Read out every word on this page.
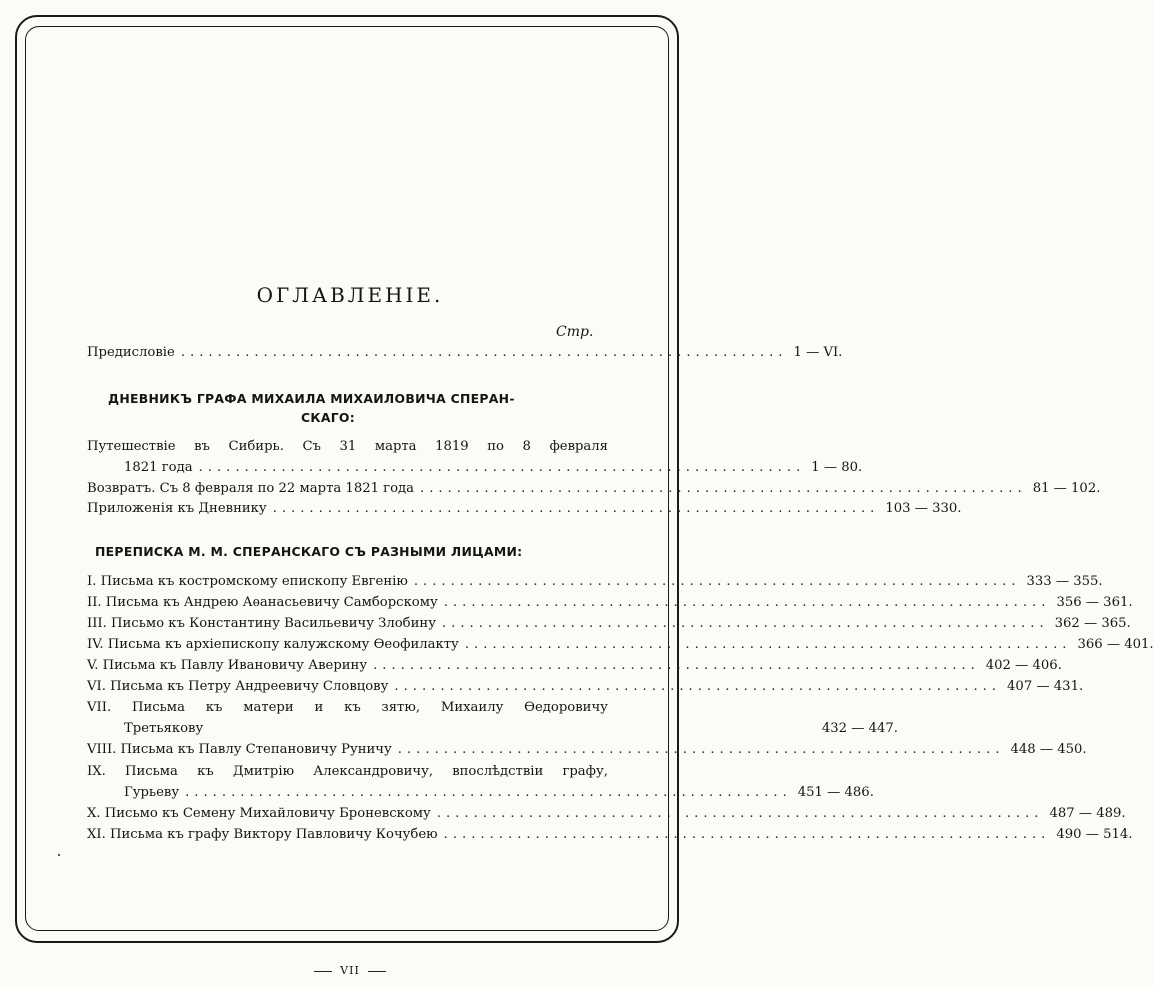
ОГЛАВЛЕНІЕ.
Стр.
Предисловіе .................................................................. 1 — VI.
ДНЕВНИКЪ ГРАФА МИХАИЛА МИХАИЛОВИЧА СПЕРАН-
СКАГО:
Путешествіе въ Сибирь. Съ 31 марта 1819 по 8 февраля
1821 года .................................................................. 1 — 80.
Возвратъ. Съ 8 февраля по 22 марта 1821 года .................................................................. 81 — 102.
Приложенія къ Дневнику .................................................................. 103 — 330.
ПЕРЕПИСКА М. М. СПЕРАНСКАГО СЪ РАЗНЫМИ ЛИЦАМИ:
I. Письма къ костромскому епископу Евгенію .................................................................. 333 — 355.
II. Письма къ Андрею Аѳанасьевичу Самборскому .................................................................. 356 — 361.
III. Письмо къ Константину Васильевичу Злобину .................................................................. 362 — 365.
IV. Письма къ архіепископу калужскому Ѳеофилакту .................................................................. 366 — 401.
V. Письма къ Павлу Ивановичу Аверину .................................................................. 402 — 406.
VI. Письма къ Петру Андреевичу Словцову .................................................................. 407 — 431.
VII. Письма къ матери и къ зятю, Михаилу Ѳедоровичу
Третьякову	432 — 447.
VIII. Письма къ Павлу Степановичу Руничу .................................................................. 448 — 450.
IX. Письма къ Дмитрію Александровичу, впослѣдствіи графу,
Гурьеву .................................................................. 451 — 486.
X. Письмо къ Семену Михайловичу Броневскому .................................................................. 487 — 489.
XI. Письма къ графу Виктору Павловичу Кочубею .................................................................. 490 — 514.
VII
